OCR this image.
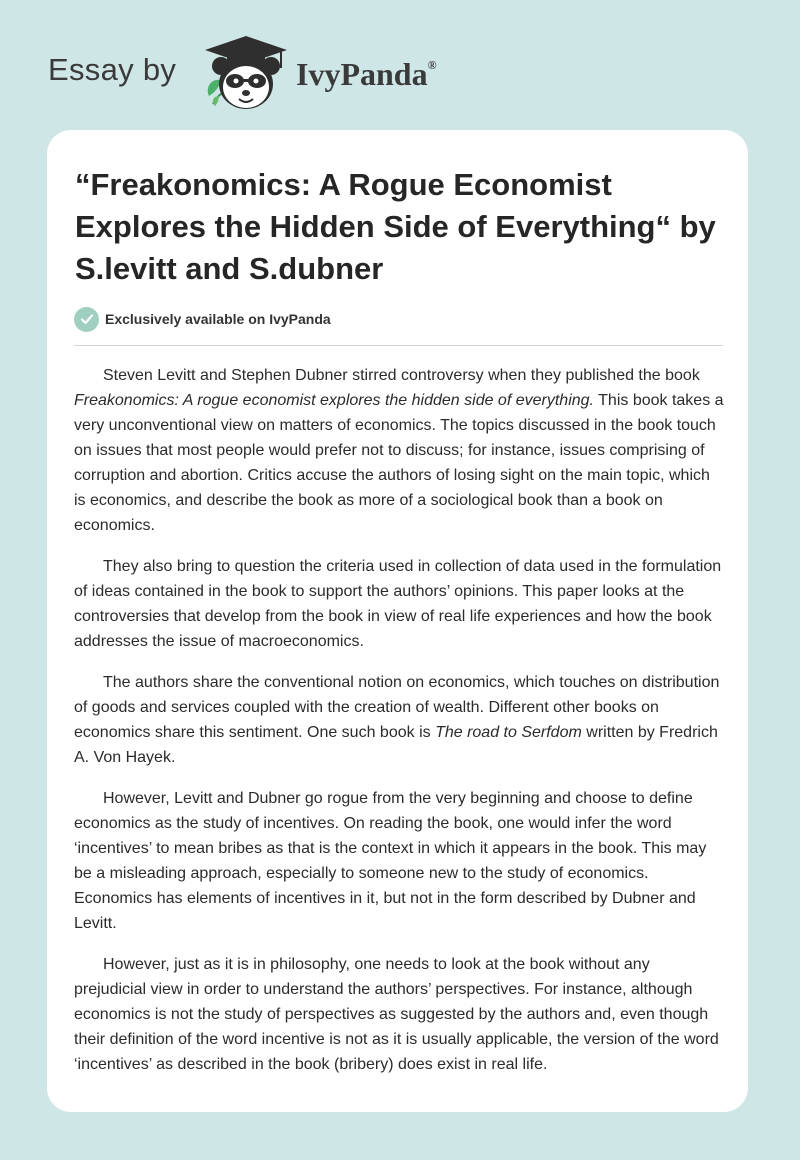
Essay by	IvyPanda®
“Freakonomics: A Rogue Economist Explores the Hidden Side of Everything“ by S.levitt and S.dubner
Exclusively available on IvyPanda

Steven Levitt and Stephen Dubner stirred controversy when they published the book Freakonomics: A rogue economist explores the hidden side of everything. This book takes a very unconventional view on matters of economics. The topics discussed in the book touch on issues that most people would prefer not to discuss; for instance, issues comprising of corruption and abortion. Critics accuse the authors of losing sight on the main topic, which is economics, and describe the book as more of a sociological book than a book on economics.

They also bring to question the criteria used in collection of data used in the formulation of ideas contained in the book to support the authors’ opinions. This paper looks at the controversies that develop from the book in view of real life experiences and how the book addresses the issue of macroeconomics.

The authors share the conventional notion on economics, which touches on distribution of goods and services coupled with the creation of wealth. Different other books on economics share this sentiment. One such book is The road to Serfdom written by Fredrich A. Von Hayek.

However, Levitt and Dubner go rogue from the very beginning and choose to define economics as the study of incentives. On reading the book, one would infer the word ‘incentives’ to mean bribes as that is the context in which it appears in the book. This may be a misleading approach, especially to someone new to the study of economics. Economics has elements of incentives in it, but not in the form described by Dubner and Levitt.

However, just as it is in philosophy, one needs to look at the book without any prejudicial view in order to understand the authors’ perspectives. For instance, although economics is not the study of perspectives as suggested by the authors and, even though their definition of the word incentive is not as it is usually applicable, the version of the word ‘incentives’ as described in the book (bribery) does exist in real life.
